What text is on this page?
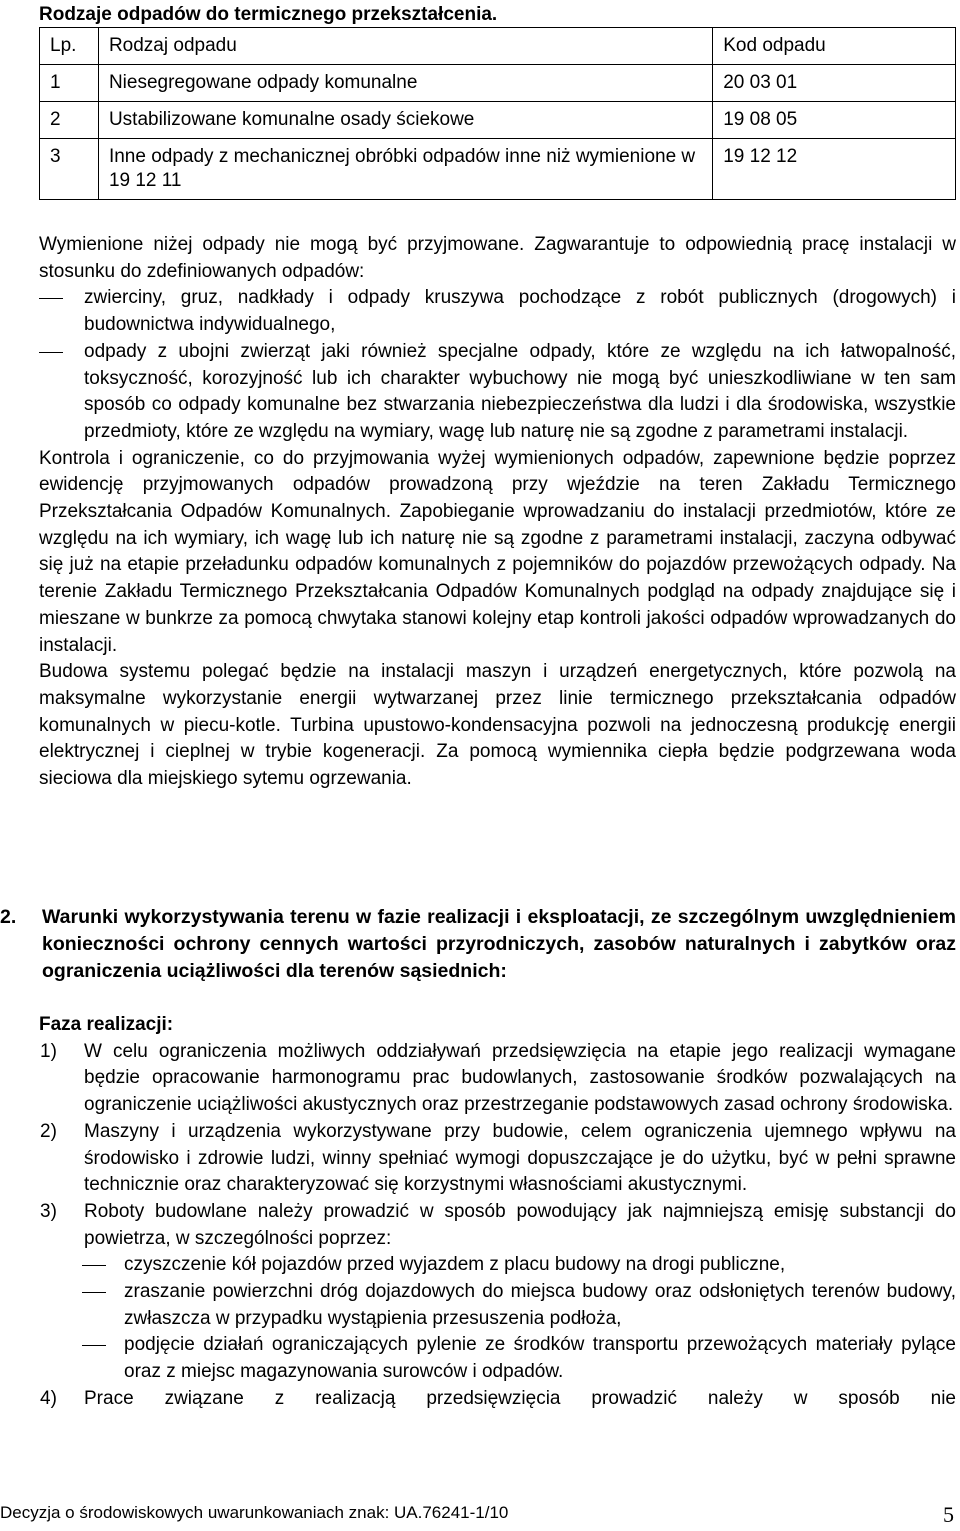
Rodzaje odpadów do termicznego przekształcenia.
Lp.	Rodzaj odpadu	Kod odpadu
1	Niesegregowane odpady komunalne	20 03 01
2	Ustabilizowane komunalne osady ściekowe	19 08 05
3	Inne odpady z mechanicznej obróbki odpadów inne niż wymienione w 19 12 11	19 12 12
Wymienione niżej odpady nie mogą być przyjmowane. Zagwarantuje to odpowiednią pracę instalacji w stosunku do zdefiniowanych odpadów:
zwierciny, gruz, nadkłady i odpady kruszywa pochodzące z robót publicznych (drogowych) i budownictwa indywidualnego,
odpady z ubojni zwierząt jaki również specjalne odpady, które ze względu na ich łatwopalność, toksyczność, korozyjność lub ich charakter wybuchowy nie mogą być unieszkodliwiane w ten sam sposób co odpady komunalne bez stwarzania niebezpieczeństwa dla ludzi i dla środowiska, wszystkie przedmioty, które ze względu na wymiary, wagę lub naturę nie są zgodne z parametrami instalacji.
Kontrola i ograniczenie, co do przyjmowania wyżej wymienionych odpadów, zapewnione będzie poprzez ewidencję przyjmowanych odpadów prowadzoną przy wjeździe na teren Zakładu Termicznego Przekształcania Odpadów Komunalnych. Zapobieganie wprowadzaniu do instalacji przedmiotów, które ze względu na ich wymiary, ich wagę lub ich naturę nie są zgodne z parametrami instalacji, zaczyna odbywać się już na etapie przeładunku odpadów komunalnych z pojemników do pojazdów przewożących odpady. Na terenie Zakładu Termicznego Przekształcania Odpadów Komunalnych podgląd na odpady znajdujące się i mieszane w bunkrze za pomocą chwytaka stanowi kolejny etap kontroli jakości odpadów wprowadzanych do instalacji.
Budowa systemu polegać będzie na instalacji maszyn i urządzeń energetycznych, które pozwolą na maksymalne wykorzystanie energii wytwarzanej przez linie termicznego przekształcania odpadów komunalnych w piecu-kotle. Turbina upustowo-kondensacyjna pozwoli na jednoczesną produkcję energii elektrycznej i cieplnej w trybie kogeneracji. Za pomocą wymiennika ciepła będzie podgrzewana woda sieciowa dla miejskiego sytemu ogrzewania.
2. Warunki wykorzystywania terenu w fazie realizacji i eksploatacji, ze szczególnym uwzględnieniem konieczności ochrony cennych wartości przyrodniczych, zasobów naturalnych i zabytków oraz ograniczenia uciążliwości dla terenów sąsiednich:
Faza realizacji:
1) W celu ograniczenia możliwych oddziaływań przedsięwzięcia na etapie jego realizacji wymagane będzie opracowanie harmonogramu prac budowlanych, zastosowanie środków pozwalających na ograniczenie uciążliwości akustycznych oraz przestrzeganie podstawowych zasad ochrony środowiska.
2) Maszyny i urządzenia wykorzystywane przy budowie, celem ograniczenia ujemnego wpływu na środowisko i zdrowie ludzi, winny spełniać wymogi dopuszczające je do użytku, być w pełni sprawne technicznie oraz charakteryzować się korzystnymi własnościami akustycznymi.
3) Roboty budowlane należy prowadzić w sposób powodujący jak najmniejszą emisję substancji do powietrza, w szczególności poprzez:
czyszczenie kół pojazdów przed wyjazdem z placu budowy na drogi publiczne,
zraszanie powierzchni dróg dojazdowych do miejsca budowy oraz odsłoniętych terenów budowy, zwłaszcza w przypadku wystąpienia przesuszenia podłoża,
podjęcie działań ograniczających pylenie ze środków transportu przewożących materiały pylące oraz z miejsc magazynowania surowców i odpadów.
4) Prace związane z realizacją przedsięwzięcia prowadzić należy w sposób nie
Decyzja o środowiskowych uwarunkowaniach znak: UA.76241-1/10	5
